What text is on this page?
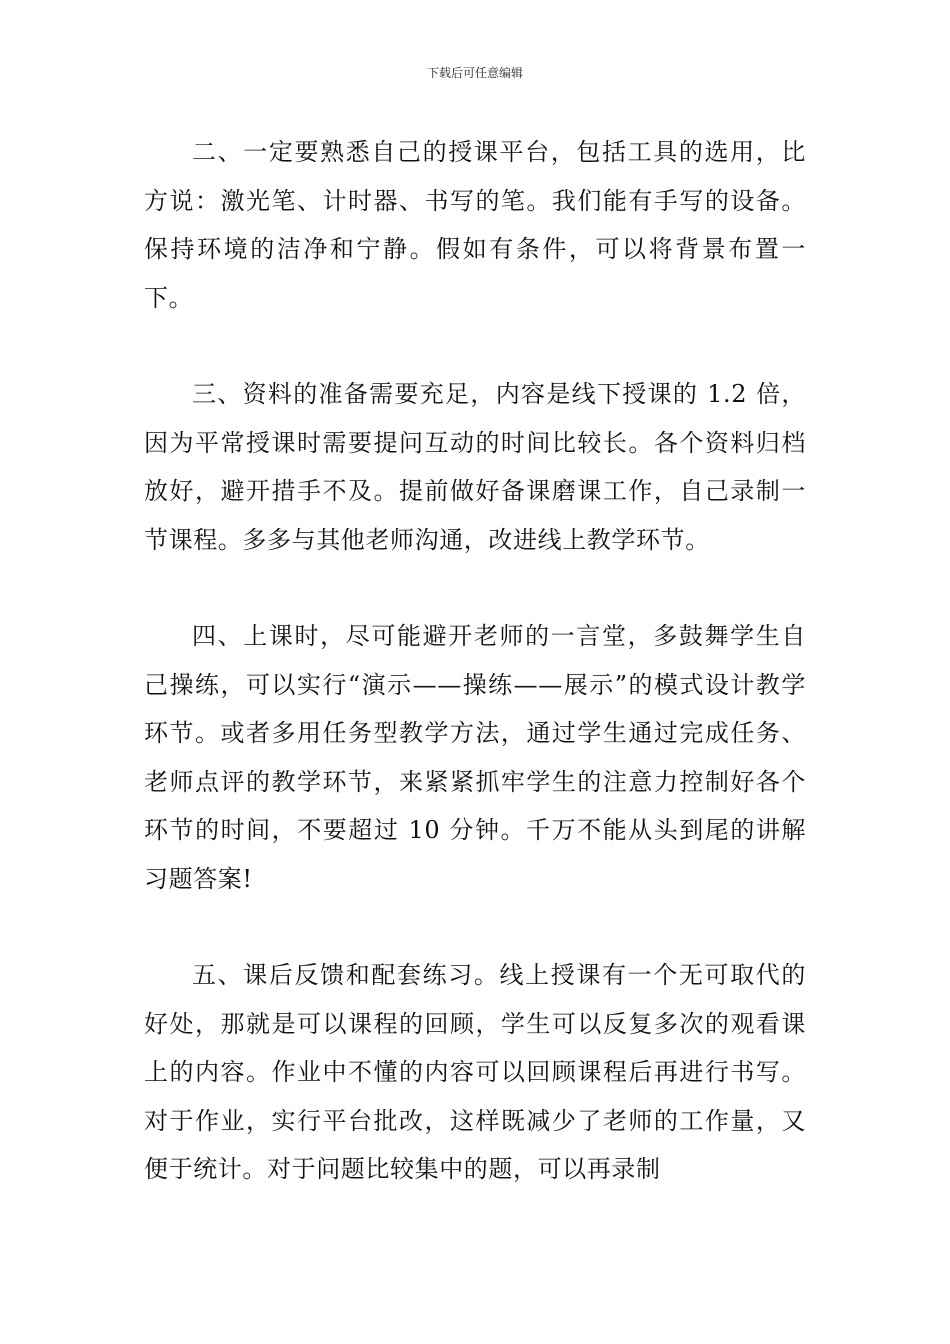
下载后可任意编辑

二、一定要熟悉自己的授课平台，包括工具的选用，比方说：激光笔、计时器、书写的笔。我们能有手写的设备。保持环境的洁净和宁静。假如有条件，可以将背景布置一下。

三、资料的准备需要充足，内容是线下授课的 1.2 倍，因为平常授课时需要提问互动的时间比较长。各个资料归档放好，避开措手不及。提前做好备课磨课工作，自己录制一节课程。多多与其他老师沟通，改进线上教学环节。

四、上课时，尽可能避开老师的一言堂，多鼓舞学生自己操练，可以实行“演示——操练——展示”的模式设计教学环节。或者多用任务型教学方法，通过学生通过完成任务、老师点评的教学环节，来紧紧抓牢学生的注意力控制好各个环节的时间，不要超过 10 分钟。千万不能从头到尾的讲解习题答案!

五、课后反馈和配套练习。线上授课有一个无可取代的好处，那就是可以课程的回顾，学生可以反复多次的观看课上的内容。作业中不懂的内容可以回顾课程后再进行书写。对于作业，实行平台批改，这样既减少了老师的工作量，又便于统计。对于问题比较集中的题，可以再录制
